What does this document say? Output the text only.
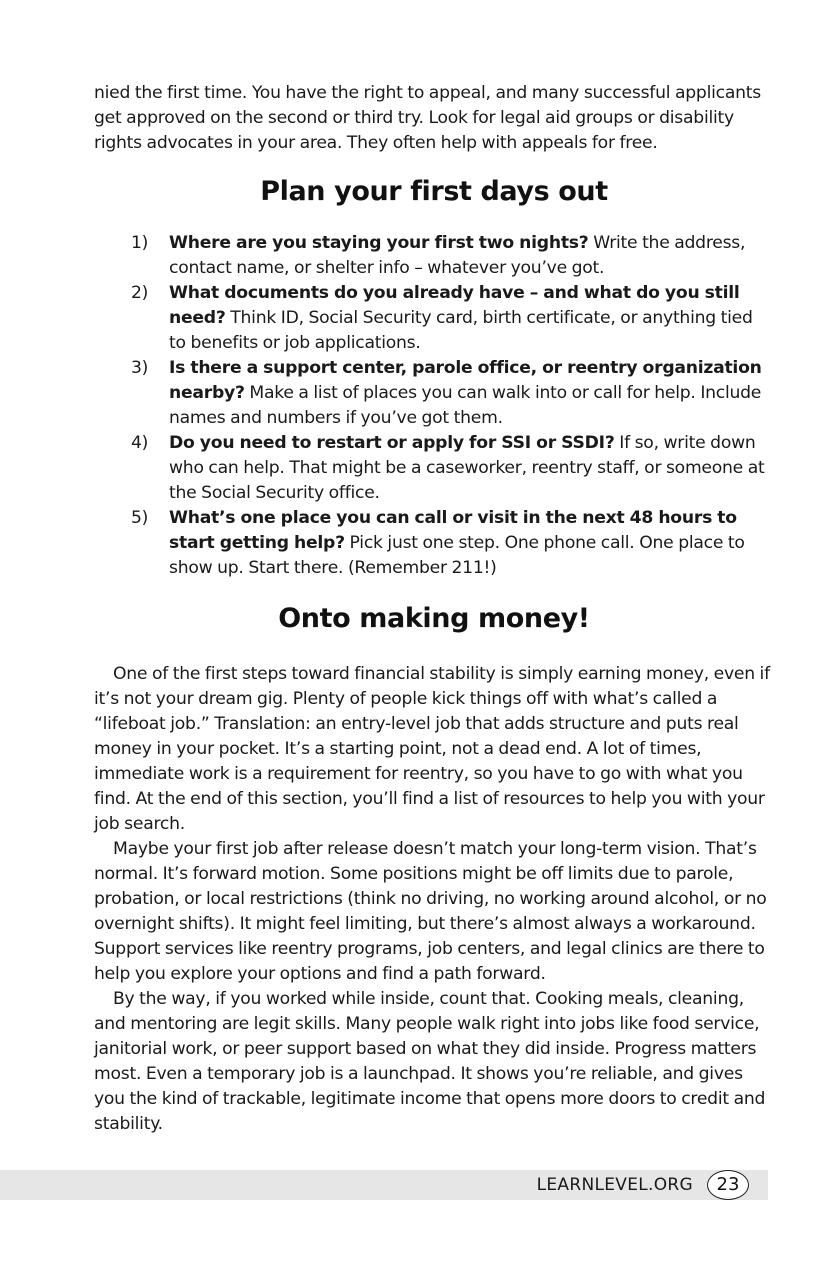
nied the first time. You have the right to appeal, and many successful applicants get approved on the second or third try. Look for legal aid groups or disability rights advocates in your area. They often help with appeals for free.

Plan your first days out
1) Where are you staying your first two nights? Write the address, contact name, or shelter info – whatever you’ve got.
2) What documents do you already have – and what do you still need? Think ID, Social Security card, birth certificate, or anything tied to benefits or job applications.
3) Is there a support center, parole office, or reentry organization nearby? Make a list of places you can walk into or call for help. Include names and numbers if you’ve got them.
4) Do you need to restart or apply for SSI or SSDI? If so, write down who can help. That might be a caseworker, reentry staff, or someone at the Social Security office.
5) What’s one place you can call or visit in the next 48 hours to start getting help? Pick just one step. One phone call. One place to show up. Start there. (Remember 211!)
Onto making money!

One of the first steps toward financial stability is simply earning money, even if it’s not your dream gig. Plenty of people kick things off with what’s called a “lifeboat job.” Translation: an entry-level job that adds structure and puts real money in your pocket. It’s a starting point, not a dead end. A lot of times, immediate work is a requirement for reentry, so you have to go with what you find. At the end of this section, you’ll find a list of resources to help you with your job search.

Maybe your first job after release doesn’t match your long-term vision. That’s normal. It’s forward motion. Some positions might be off limits due to parole, probation, or local restrictions (think no driving, no working around alcohol, or no overnight shifts). It might feel limiting, but there’s almost always a workaround. Support services like reentry programs, job centers, and legal clinics are there to help you explore your options and find a path forward.

By the way, if you worked while inside, count that. Cooking meals, cleaning, and mentoring are legit skills. Many people walk right into jobs like food service, janitorial work, or peer support based on what they did inside. Progress matters most. Even a temporary job is a launchpad. It shows you’re reliable, and gives you the kind of trackable, legitimate income that opens more doors to credit and stability.

LEARNLEVEL.ORG	23
